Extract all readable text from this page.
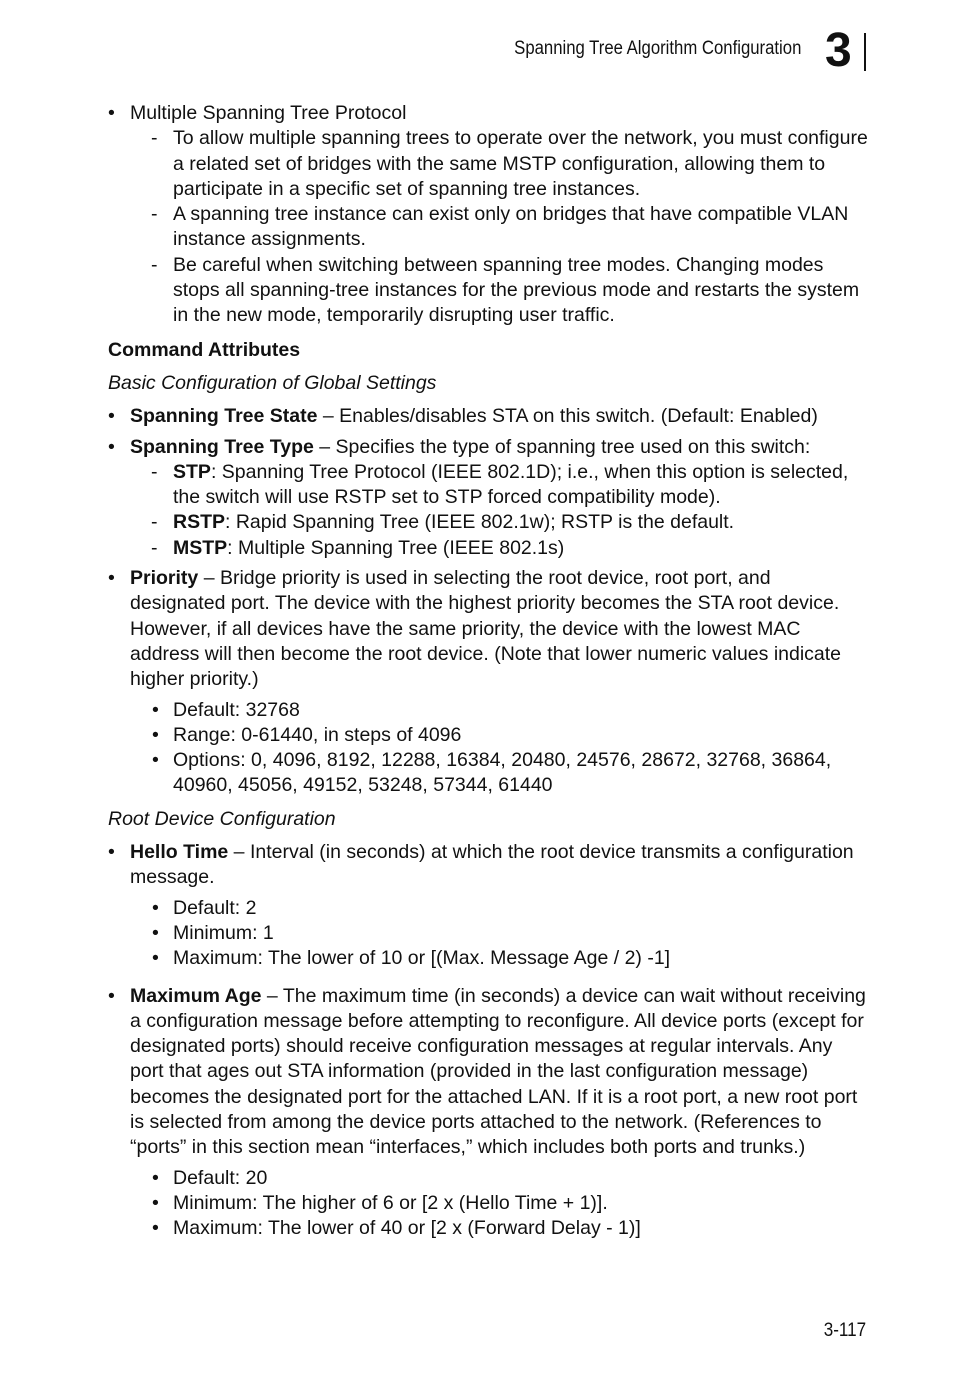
Spanning Tree Algorithm Configuration 3
• Multiple Spanning Tree Protocol
- To allow multiple spanning trees to operate over the network, you must configure a related set of bridges with the same MSTP configuration, allowing them to participate in a specific set of spanning tree instances.
- A spanning tree instance can exist only on bridges that have compatible VLAN instance assignments.
- Be careful when switching between spanning tree modes. Changing modes stops all spanning-tree instances for the previous mode and restarts the system in the new mode, temporarily disrupting user traffic.
Command Attributes
Basic Configuration of Global Settings
• Spanning Tree State – Enables/disables STA on this switch. (Default: Enabled)
• Spanning Tree Type – Specifies the type of spanning tree used on this switch:
- STP: Spanning Tree Protocol (IEEE 802.1D); i.e., when this option is selected, the switch will use RSTP set to STP forced compatibility mode).
- RSTP: Rapid Spanning Tree (IEEE 802.1w); RSTP is the default.
- MSTP: Multiple Spanning Tree (IEEE 802.1s)
• Priority – Bridge priority is used in selecting the root device, root port, and designated port. The device with the highest priority becomes the STA root device. However, if all devices have the same priority, the device with the lowest MAC address will then become the root device. (Note that lower numeric values indicate higher priority.)
• Default: 32768
• Range: 0-61440, in steps of 4096
• Options: 0, 4096, 8192, 12288, 16384, 20480, 24576, 28672, 32768, 36864, 40960, 45056, 49152, 53248, 57344, 61440
Root Device Configuration
• Hello Time – Interval (in seconds) at which the root device transmits a configuration message.
• Default: 2
• Minimum: 1
• Maximum: The lower of 10 or [(Max. Message Age / 2) -1]
• Maximum Age – The maximum time (in seconds) a device can wait without receiving a configuration message before attempting to reconfigure. All device ports (except for designated ports) should receive configuration messages at regular intervals. Any port that ages out STA information (provided in the last configuration message) becomes the designated port for the attached LAN. If it is a root port, a new root port is selected from among the device ports attached to the network. (References to “ports” in this section mean “interfaces,” which includes both ports and trunks.)
• Default: 20
• Minimum: The higher of 6 or [2 x (Hello Time + 1)].
• Maximum: The lower of 40 or [2 x (Forward Delay - 1)]
3-117
